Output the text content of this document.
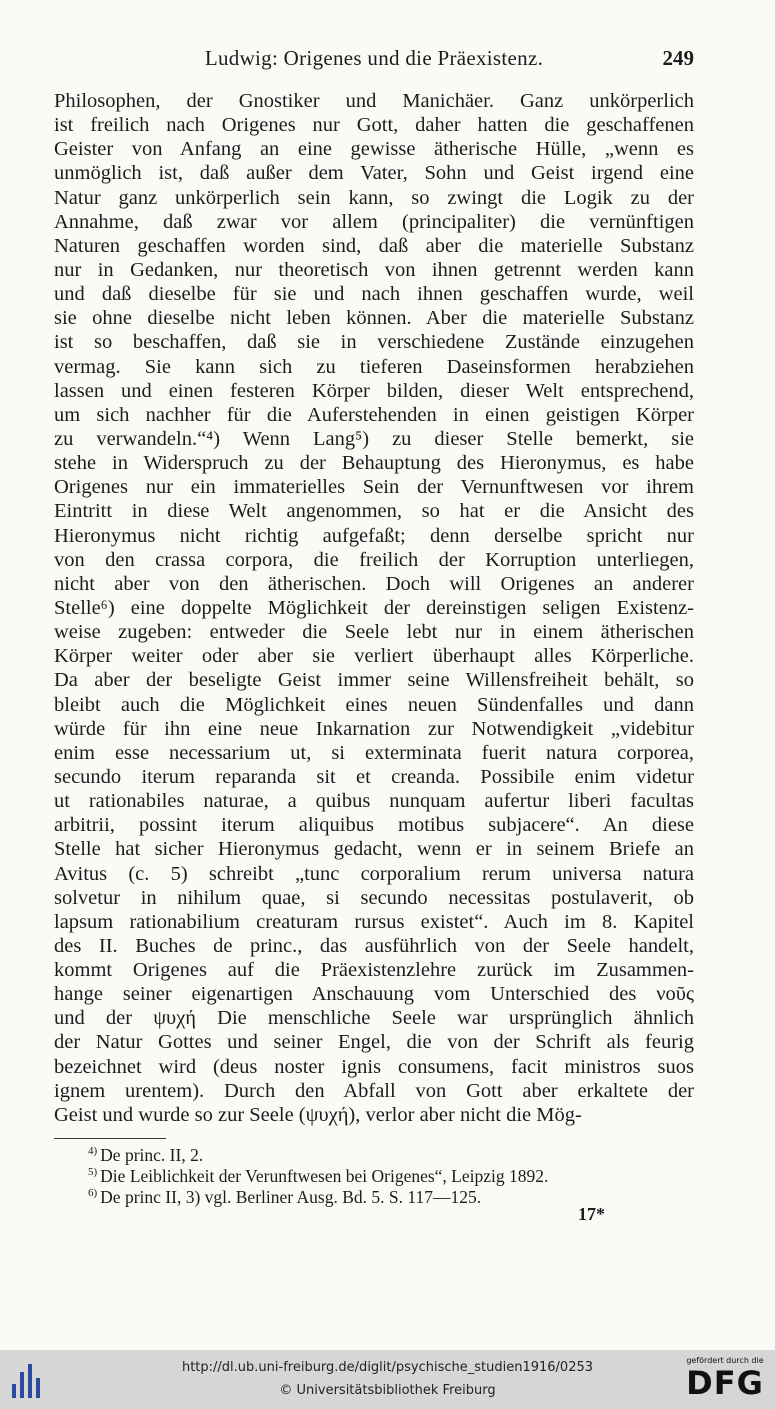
Ludwig: Origenes und die Präexistenz.	249
Philosophen, der Gnostiker und Manichäer. Ganz unkörperlich
ist freilich nach Origenes nur Gott, daher hatten die geschaffenen
Geister von Anfang an eine gewisse ätherische Hülle, „wenn es
unmöglich ist, daß außer dem Vater, Sohn und Geist irgend eine
Natur ganz unkörperlich sein kann, so zwingt die Logik zu der
Annahme, daß zwar vor allem (principaliter) die vernünftigen
Naturen geschaffen worden sind, daß aber die materielle Substanz
nur in Gedanken, nur theoretisch von ihnen getrennt werden kann
und daß dieselbe für sie und nach ihnen geschaffen wurde, weil
sie ohne dieselbe nicht leben können. Aber die materielle Substanz
ist so beschaffen, daß sie in verschiedene Zustände einzugehen
vermag. Sie kann sich zu tieferen Daseinsformen herabziehen
lassen und einen festeren Körper bilden, dieser Welt entsprechend,
um sich nachher für die Auferstehenden in einen geistigen Körper
zu verwandeln.“⁴) Wenn Lang⁵) zu dieser Stelle bemerkt, sie
stehe in Widerspruch zu der Behauptung des Hieronymus, es habe
Origenes nur ein immaterielles Sein der Vernunftwesen vor ihrem
Eintritt in diese Welt angenommen, so hat er die Ansicht des
Hieronymus nicht richtig aufgefaßt; denn derselbe spricht nur
von den crassa corpora, die freilich der Korruption unterliegen,
nicht aber von den ätherischen. Doch will Origenes an anderer
Stelle⁶) eine doppelte Möglichkeit der dereinstigen seligen Existenz-
weise zugeben: entweder die Seele lebt nur in einem ätherischen
Körper weiter oder aber sie verliert überhaupt alles Körperliche.
Da aber der beseligte Geist immer seine Willensfreiheit behält, so
bleibt auch die Möglichkeit eines neuen Sündenfalles und dann
würde für ihn eine neue Inkarnation zur Notwendigkeit „videbitur
enim esse necessarium ut, si exterminata fuerit natura corporea,
secundo iterum reparanda sit et creanda. Possibile enim videtur
ut rationabiles naturae, a quibus nunquam aufertur liberi facultas
arbitrii, possint iterum aliquibus motibus subjacere“. An diese
Stelle hat sicher Hieronymus gedacht, wenn er in seinem Briefe an
Avitus (c. 5) schreibt „tunc corporalium rerum universa natura
solvetur in nihilum quae, si secundo necessitas postulaverit, ob
lapsum rationabilium creaturam rursus existet“. Auch im 8. Kapitel
des II. Buches de princ., das ausführlich von der Seele handelt,
kommt Origenes auf die Präexistenzlehre zurück im Zusammen-
hange seiner eigenartigen Anschauung vom Unterschied des νοῦς
und der ψυχή Die menschliche Seele war ursprünglich ähnlich
der Natur Gottes und seiner Engel, die von der Schrift als feurig
bezeichnet wird (deus noster ignis consumens, facit ministros suos
ignem urentem). Durch den Abfall von Gott aber erkaltete der
Geist und wurde so zur Seele (ψυχή), verlor aber nicht die Mög-
$^{4)}$ De princ. II, 2.
$^{5)}$ Die Leiblichkeit der Verunftwesen bei Origenes“, Leipzig 1892.
$^{6)}$ De princ II, 3) vgl. Berliner Ausg. Bd. 5. S. 117—125.
17*
http://dl.ub.uni-freiburg.de/diglit/psychische_studien1916/0253
© Universitätsbibliothek Freiburg
gefördert durch die
DFG
